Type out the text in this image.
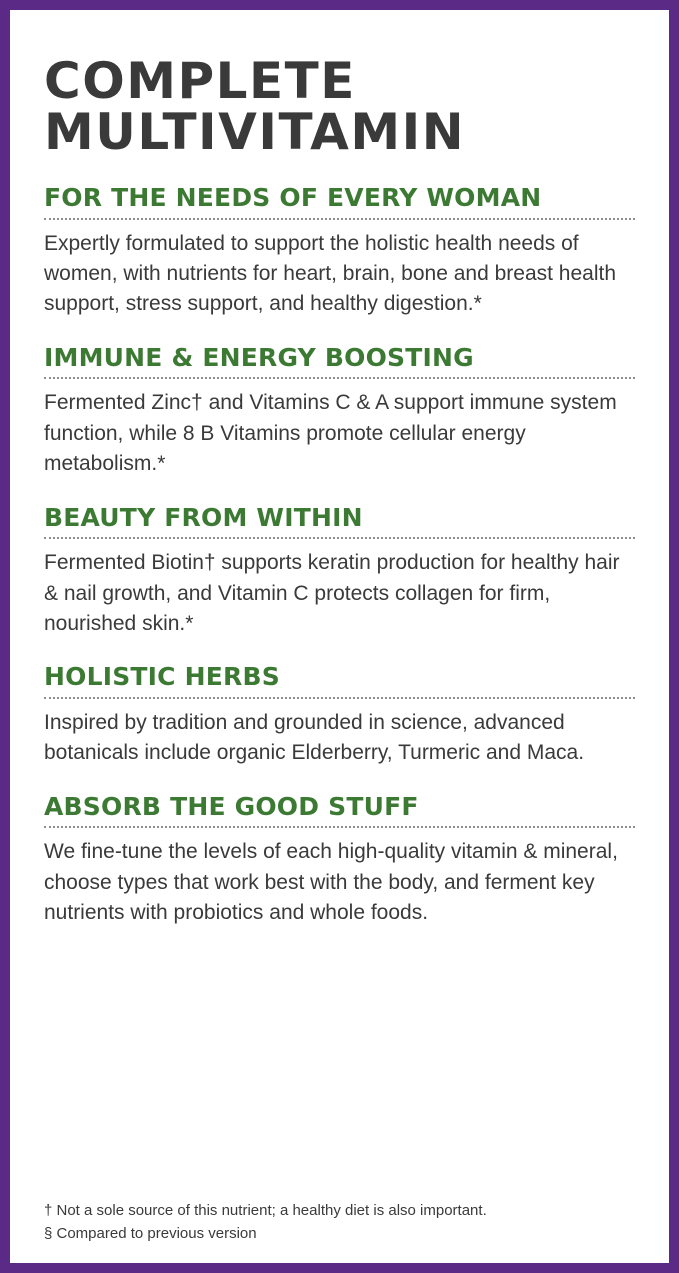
COMPLETE
MULTIVITAMIN
FOR THE NEEDS OF EVERY WOMAN

Expertly formulated to support the holistic health needs of women, with nutrients for heart, brain, bone and breast health support, stress support, and healthy digestion.*

IMMUNE & ENERGY BOOSTING

Fermented Zinc† and Vitamins C & A support immune system function, while 8 B Vitamins promote cellular energy metabolism.*

BEAUTY FROM WITHIN

Fermented Biotin† supports keratin production for healthy hair & nail growth, and Vitamin C protects collagen for firm, nourished skin.*

HOLISTIC HERBS

Inspired by tradition and grounded in science, advanced botanicals include organic Elderberry, Turmeric and Maca.

ABSORB THE GOOD STUFF

We fine-tune the levels of each high-quality vitamin & mineral, choose types that work best with the body, and ferment key nutrients with probiotics and whole foods.

† Not a sole source of this nutrient; a healthy diet is also important.

§ Compared to previous version
